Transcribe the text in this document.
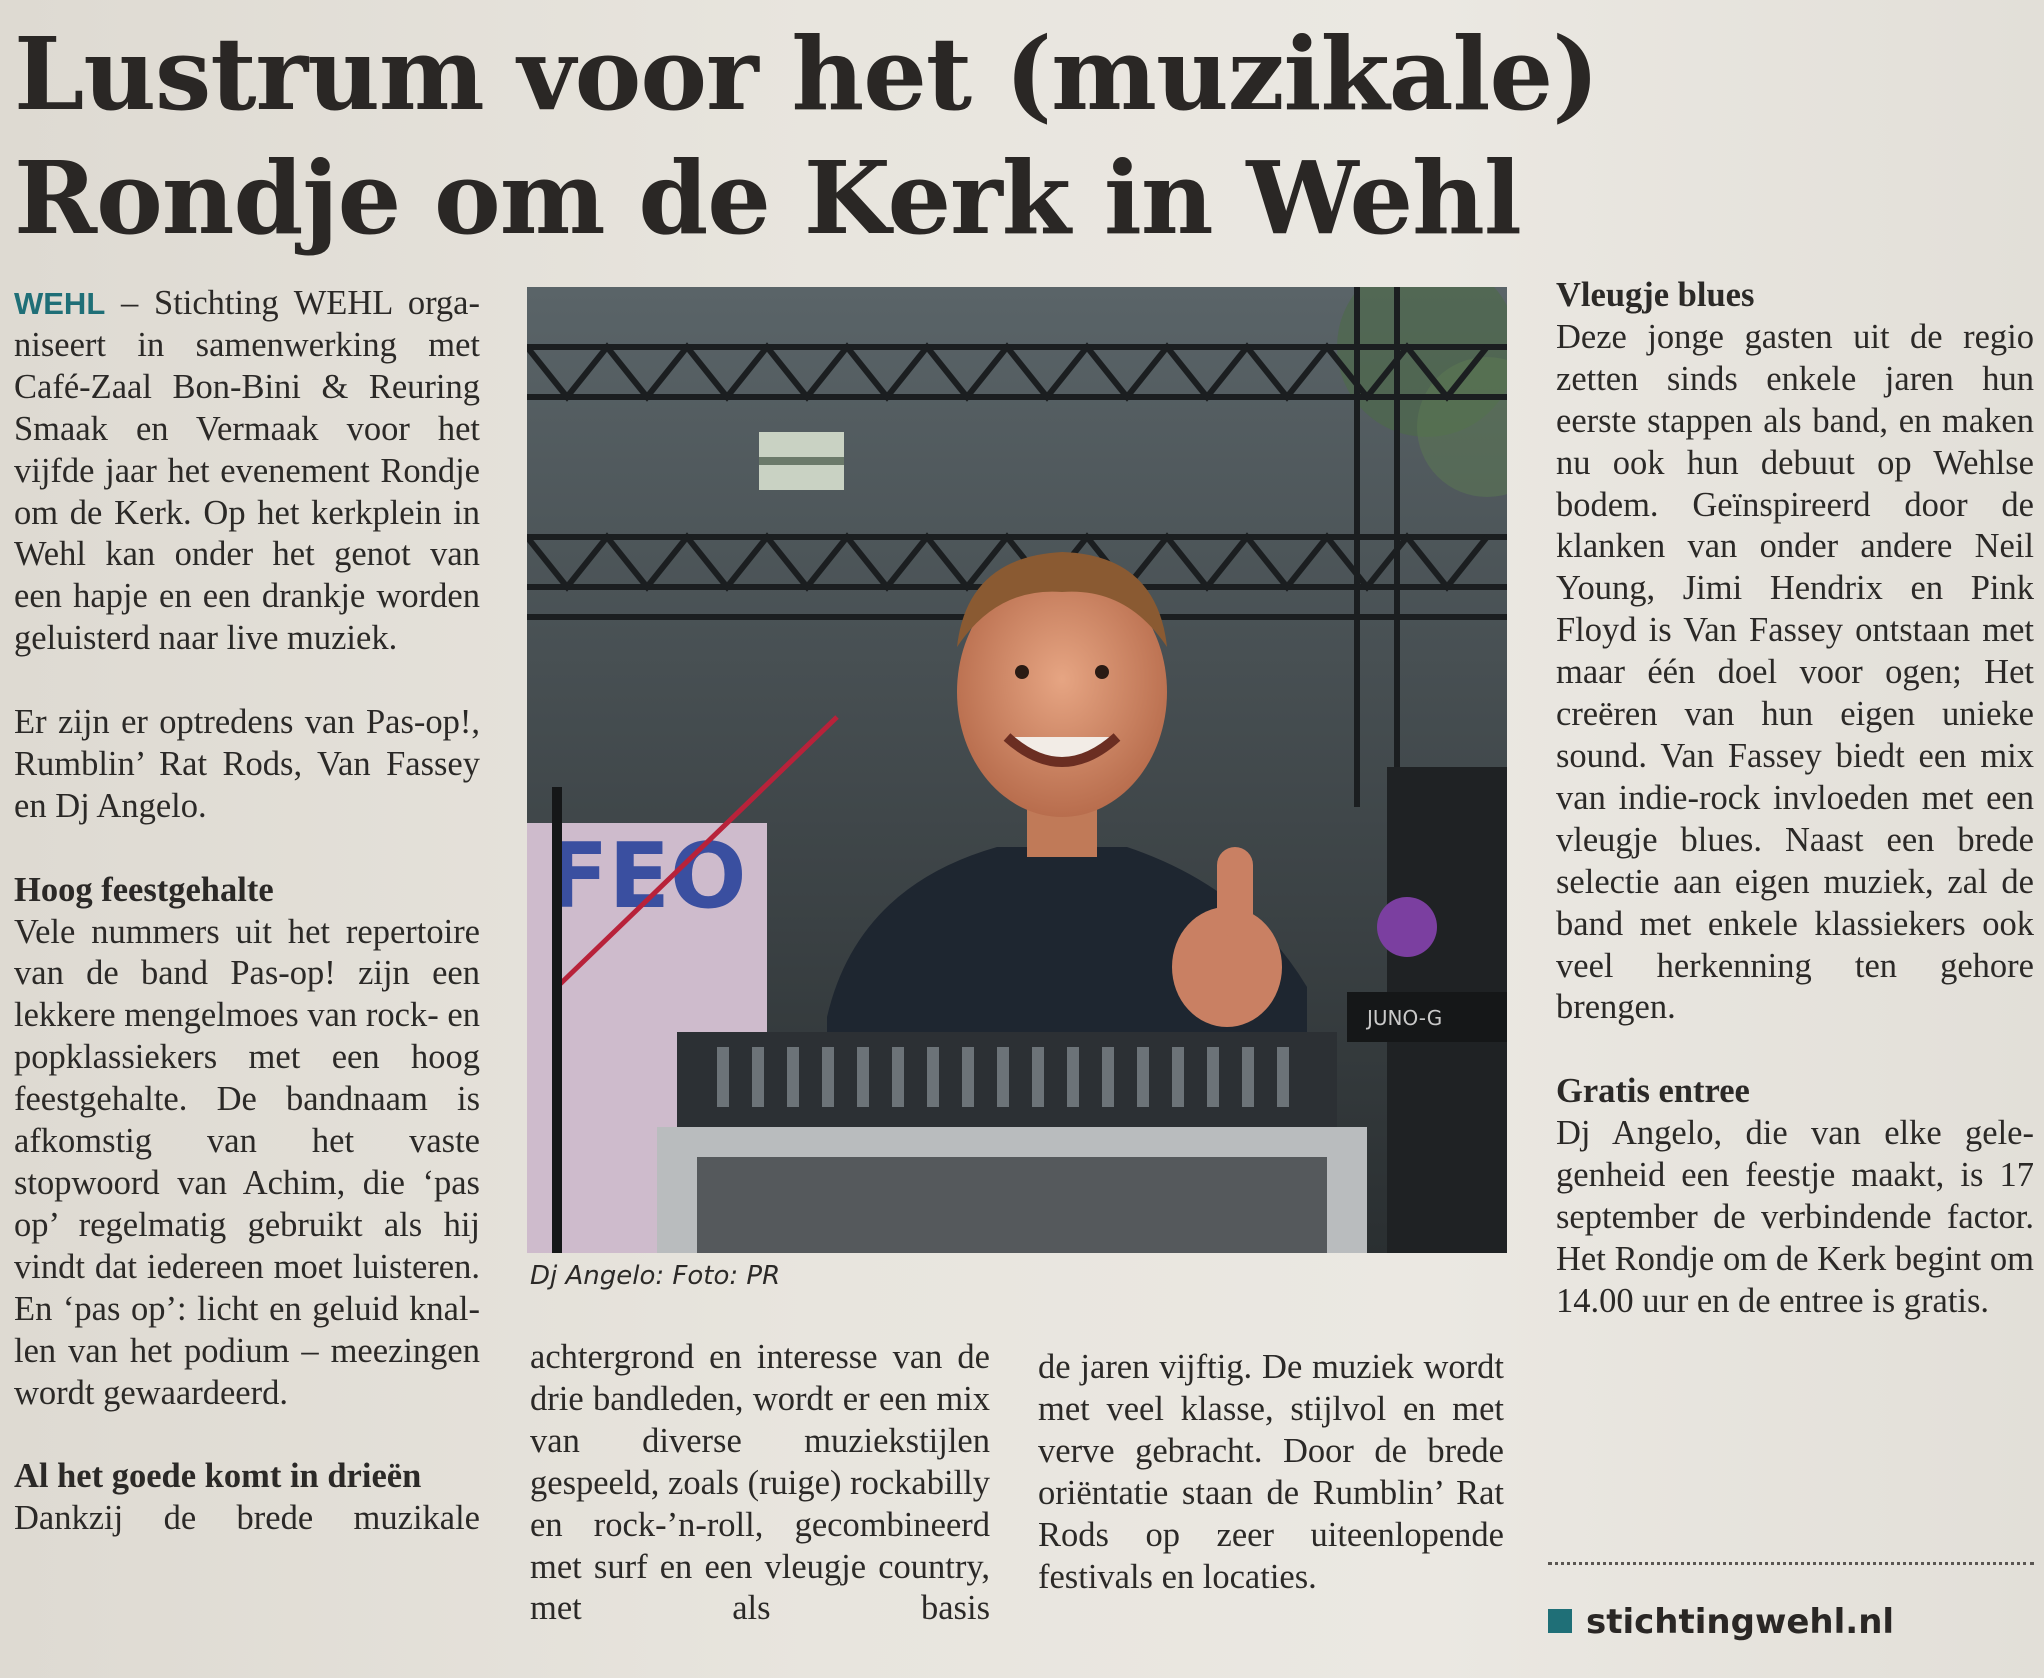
Lustrum voor het (muzikale)
Rondje om de Kerk in Wehl

WEHL – Stichting WEHL organiseert in samenwerking met Café-Zaal Bon-Bini & Reuring Smaak en Vermaak voor het vijfde jaar het evenement Rondje om de Kerk. Op het kerkplein in Wehl kan onder het genot van een hapje en een drankje worden geluisterd naar live muziek.

Er zijn er optredens van Pas-op!, Rumblin’ Rat Rods, Van Fassey en Dj Angelo.

Hoog feestgehalte

Vele nummers uit het repertoire van de band Pas-op! zijn een lekkere mengelmoes van rock- en popklassiekers met een hoog feestgehalte. De bandnaam is afkomstig van het vaste stopwoord van Achim, die ‘pas op’ regelmatig gebruikt als hij vindt dat iedereen moet luisteren. En ‘pas op’: licht en geluid knallen van het podium – meezingen wordt gewaardeerd.

Al het goede komt in drieën

Dankzij de brede muzikale

FEO
JUNO-G
Dj Angelo: Foto: PR

achtergrond en interesse van de drie bandleden, wordt er een mix van diverse muziekstijlen gespeeld, zoals (ruige) rockabilly en rock-’n-roll, gecombineerd met surf en een vleugje country, met als basis

de jaren vijftig. De muziek wordt met veel klasse, stijlvol en met verve gebracht. Door de brede oriëntatie staan de Rumblin’ Rat Rods op zeer uiteenlopende festivals en locaties.

Vleugje blues

Deze jonge gasten uit de regio zetten sinds enkele jaren hun eerste stappen als band, en maken nu ook hun debuut op Wehlse bodem. Geïnspireerd door de klanken van onder andere Neil Young, Jimi Hendrix en Pink Floyd is Van Fassey ontstaan met maar één doel voor ogen; Het creëren van hun eigen unieke sound. Van Fassey biedt een mix van indie-rock invloeden met een vleugje blues. Naast een brede selectie aan eigen muziek, zal de band met enkele klassiekers ook veel herkenning ten gehore brengen.

Gratis entree

Dj Angelo, die van elke gelegenheid een feestje maakt, is 17 september de verbindende factor. Het Rondje om de Kerk begint om 14.00 uur en de entree is gratis.

stichtingwehl.nl
